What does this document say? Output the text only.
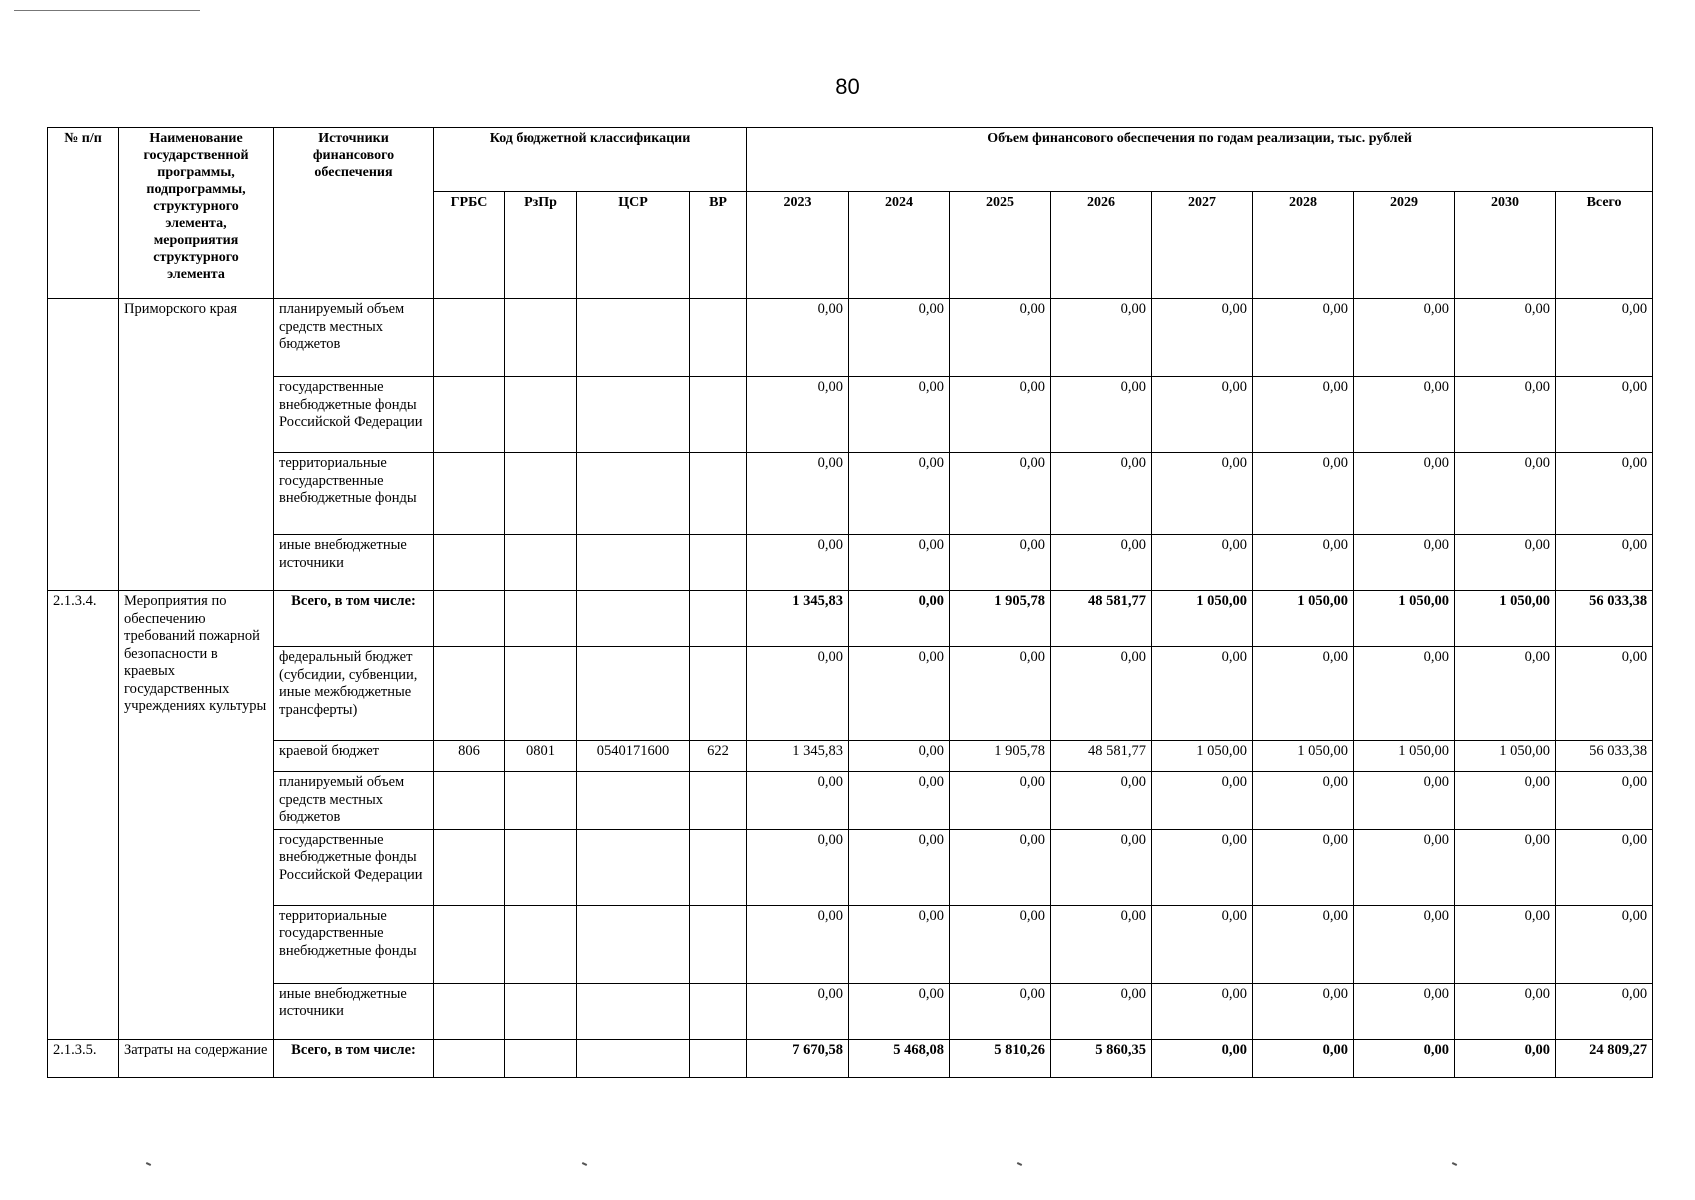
80
№ п/п	Наименование государственной программы, подпрограммы, структурного элемента, мероприятия структурного элемента	Источники финансового обеспечения	Код бюджетной классификации				Объем финансового обеспечения по годам реализации, тыс. рублей								
			ГРБС	РзПр	ЦСР	ВР	2023	2024	2025	2026	2027	2028	2029	2030	Всего
	Приморского края	планируемый объем средств местных бюджетов					0,00	0,00	0,00	0,00	0,00	0,00	0,00	0,00	0,00
		государственные внебюджетные фонды Российской Федерации					0,00	0,00	0,00	0,00	0,00	0,00	0,00	0,00	0,00
		территориальные государственные внебюджетные фонды					0,00	0,00	0,00	0,00	0,00	0,00	0,00	0,00	0,00
		иные внебюджетные источники					0,00	0,00	0,00	0,00	0,00	0,00	0,00	0,00	0,00
2.1.3.4.	Мероприятия по обеспечению требований пожарной безопасности в краевых государственных учреждениях культуры	Всего, в том числе:					1 345,83	0,00	1 905,78	48 581,77	1 050,00	1 050,00	1 050,00	1 050,00	56 033,38
		федеральный бюджет (субсидии, субвенции, иные межбюджетные трансферты)					0,00	0,00	0,00	0,00	0,00	0,00	0,00	0,00	0,00
		краевой бюджет	806	0801	0540171600	622	1 345,83	0,00	1 905,78	48 581,77	1 050,00	1 050,00	1 050,00	1 050,00	56 033,38
		планируемый объем средств местных бюджетов					0,00	0,00	0,00	0,00	0,00	0,00	0,00	0,00	0,00
		государственные внебюджетные фонды Российской Федерации					0,00	0,00	0,00	0,00	0,00	0,00	0,00	0,00	0,00
		территориальные государственные внебюджетные фонды					0,00	0,00	0,00	0,00	0,00	0,00	0,00	0,00	0,00
		иные внебюджетные источники					0,00	0,00	0,00	0,00	0,00	0,00	0,00	0,00	0,00
2.1.3.5.	Затраты на содержание	Всего, в том числе:					7 670,58	5 468,08	5 810,26	5 860,35	0,00	0,00	0,00	0,00	24 809,27
